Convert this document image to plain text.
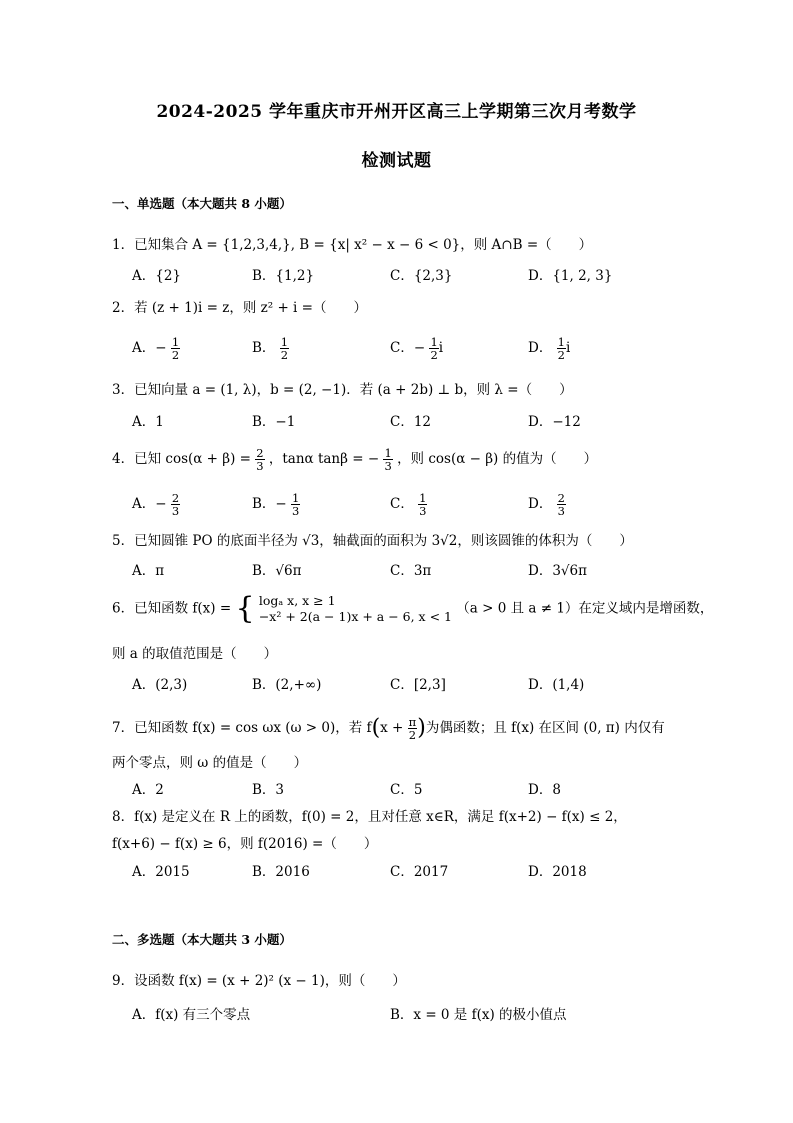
2024-2025 学年重庆市开州开区高三上学期第三次月考数学
检测试题
一、单选题（本大题共 8 小题）
1．已知集合 A = {1,2,3,4,}, B = {x| x² − x − 6 < 0}，则 A∩B =（　　）
A．{2}	B．{1,2}	C．{2,3}	D．{1, 2, 3}
2．若 (z + 1)i = z，则 z² + i =（　　）
A．− $\frac{1}{2}$	B． $\frac{1}{2}$	C．− $\frac{1}{2}$ i	D． $\frac{1}{2}$ i
3．已知向量 a = (1, λ)，b = (2, −1)．若 (a + 2b) ⊥ b，则 λ =（　　）
A．1	B．−1	C．12	D．−12
4．已知 $\cos(\alpha + \beta) = \frac{2}{3}$ ，tanα tanβ = − $\frac{1}{3}$ ，则 cos(α − β) 的值为（　　）
A．− $\frac{2}{3}$	B．− $\frac{1}{3}$	C． $\frac{1}{3}$	D． $\frac{2}{3}$
5．已知圆锥 PO 的底面半径为 √3，轴截面的面积为 3√2，则该圆锥的体积为（　　）
A．π	B．√6π	C．3π	D．3√6π
6．已知函数 f(x) = { logₐ x, x ≥ 1
−x² + 2(a − 1)x + a − 6, x < 1 （a > 0 且 a ≠ 1）在定义域内是增函数，
则 a 的取值范围是（　　）
A．(2,3)	B．(2,+∞)	C．[2,3]	D．(1,4)
7．已知函数 f(x) = cos ωx (ω > 0)，若 $f(x + \frac{\pi}{2}$ )为偶函数；且 f(x) 在区间 (0, π) 内仅有
两个零点，则 ω 的值是（　　）
A．2	B．3	C．5	D．8
8．f(x) 是定义在 R 上的函数，f(0) = 2，且对任意 x∈R，满足 f(x+2) − f(x) ≤ 2，
f(x+6) − f(x) ≥ 6，则 f(2016) =（　　）
A．2015	B．2016	C．2017	D．2018
二、多选题（本大题共 3 小题）
9．设函数 f(x) = (x + 2)² (x − 1)，则（　　）
A．f(x) 有三个零点	B．x = 0 是 f(x) 的极小值点
